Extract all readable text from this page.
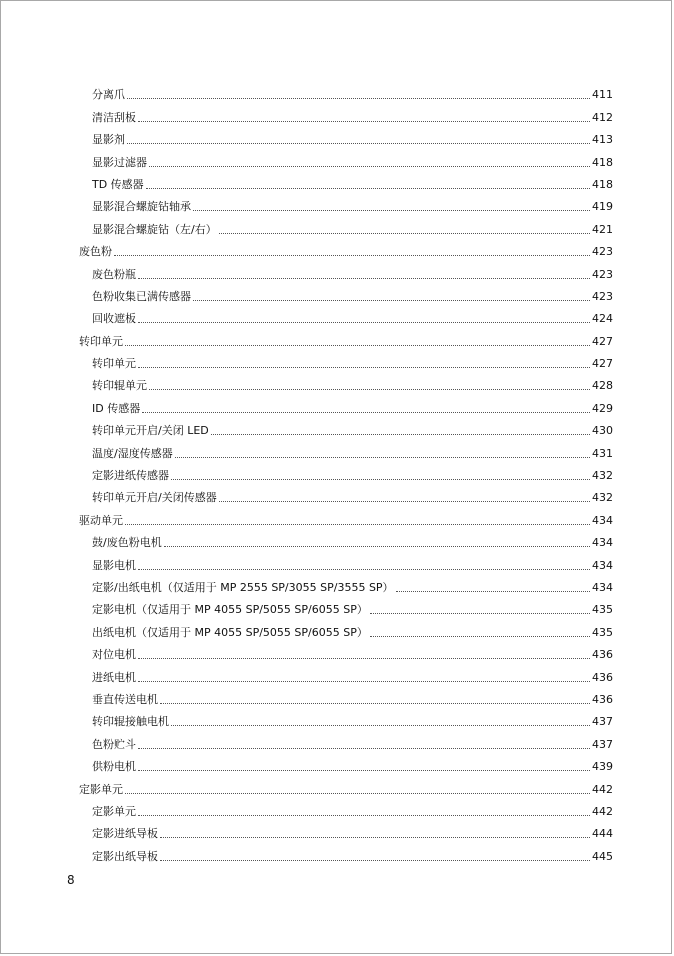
分离爪	411
清洁刮板	412
显影剂	413
显影过滤器	418
TD 传感器	418
显影混合螺旋钻轴承	419
显影混合螺旋钻（左/右）	421
废色粉	423
废色粉瓶	423
色粉收集已满传感器	423
回收遮板	424
转印单元	427
转印单元	427
转印辊单元	428
ID 传感器	429
转印单元开启/关闭 LED	430
温度/湿度传感器	431
定影进纸传感器	432
转印单元开启/关闭传感器	432
驱动单元	434
鼓/废色粉电机	434
显影电机	434
定影/出纸电机（仅适用于 MP 2555 SP/3055 SP/3555 SP）	434
定影电机（仅适用于 MP 4055 SP/5055 SP/6055 SP）	435
出纸电机（仅适用于 MP 4055 SP/5055 SP/6055 SP）	435
对位电机	436
进纸电机	436
垂直传送电机	436
转印辊接触电机	437
色粉贮斗	437
供粉电机	439
定影单元	442
定影单元	442
定影进纸导板	444
定影出纸导板	445
8
